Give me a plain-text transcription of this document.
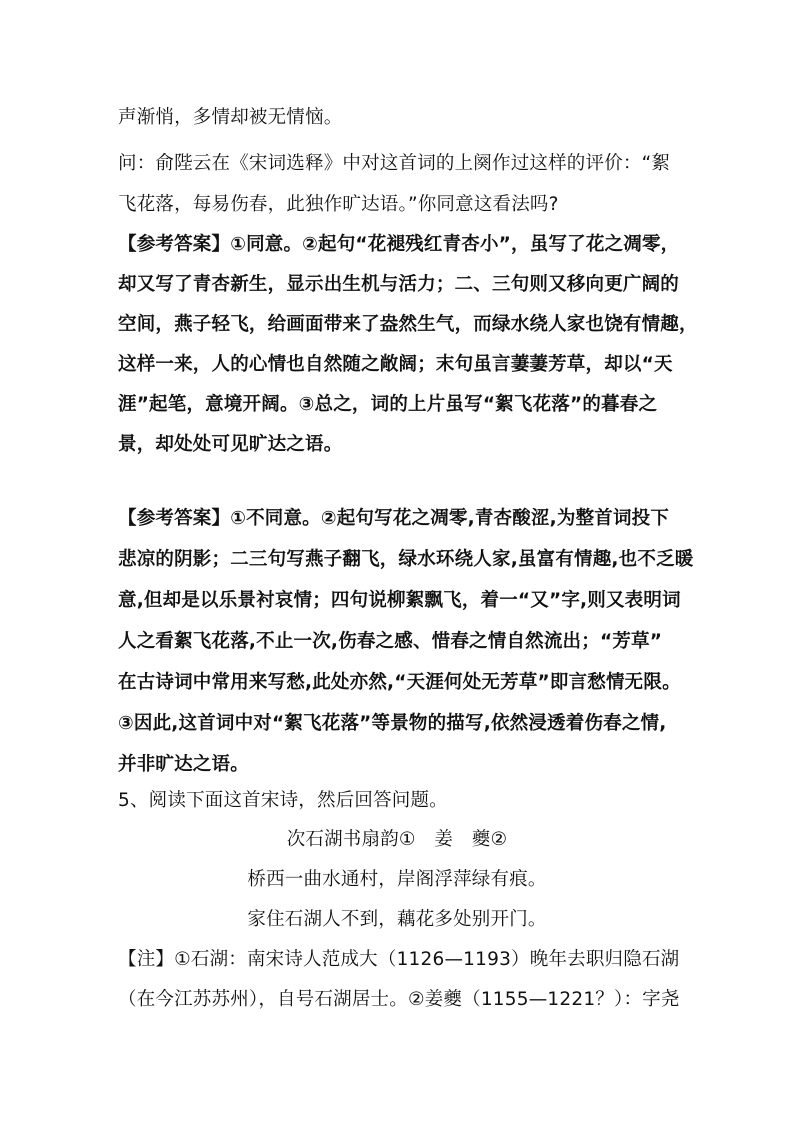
声渐悄，多情却被无情恼。
问：俞陛云在《宋词选释》中对这首词的上阕作过这样的评价：“絮
飞花落，每易伤春，此独作旷达语。”你同意这看法吗?
【参考答案】①同意。②起句“花褪残红青杏小”，虽写了花之凋零，
却又写了青杏新生，显示出生机与活力；二、三句则又移向更广阔的
空间，燕子轻飞，给画面带来了盎然生气，而绿水绕人家也饶有情趣，
这样一来，人的心情也自然随之敞阔；末句虽言萋萋芳草，却以“天
涯”起笔，意境开阔。③总之，词的上片虽写“絮飞花落”的暮春之
景，却处处可见旷达之语。
【参考答案】①不同意。②起句写花之凋零,青杏酸涩,为整首词投下
悲凉的阴影；二三句写燕子翻飞，绿水环绕人家,虽富有情趣,也不乏暖
意,但却是以乐景衬哀情；四句说柳絮飘飞，着一“又”字,则又表明词
人之看絮飞花落,不止一次,伤春之感、惜春之情自然流出；“芳草”
在古诗词中常用来写愁,此处亦然,“天涯何处无芳草”即言愁情无限。
③因此,这首词中对“絮飞花落”等景物的描写,依然浸透着伤春之情,
并非旷达之语。
5、阅读下面这首宋诗，然后回答问题。
次石湖书扇韵①　姜　夔②
桥西一曲水通村，岸阁浮萍绿有痕。
家住石湖人不到，藕花多处别开门。
【注】①石湖：南宋诗人范成大（1126—1193）晚年去职归隐石湖
（在今江苏苏州），自号石湖居士。②姜夔（1155—1221？）：字尧
